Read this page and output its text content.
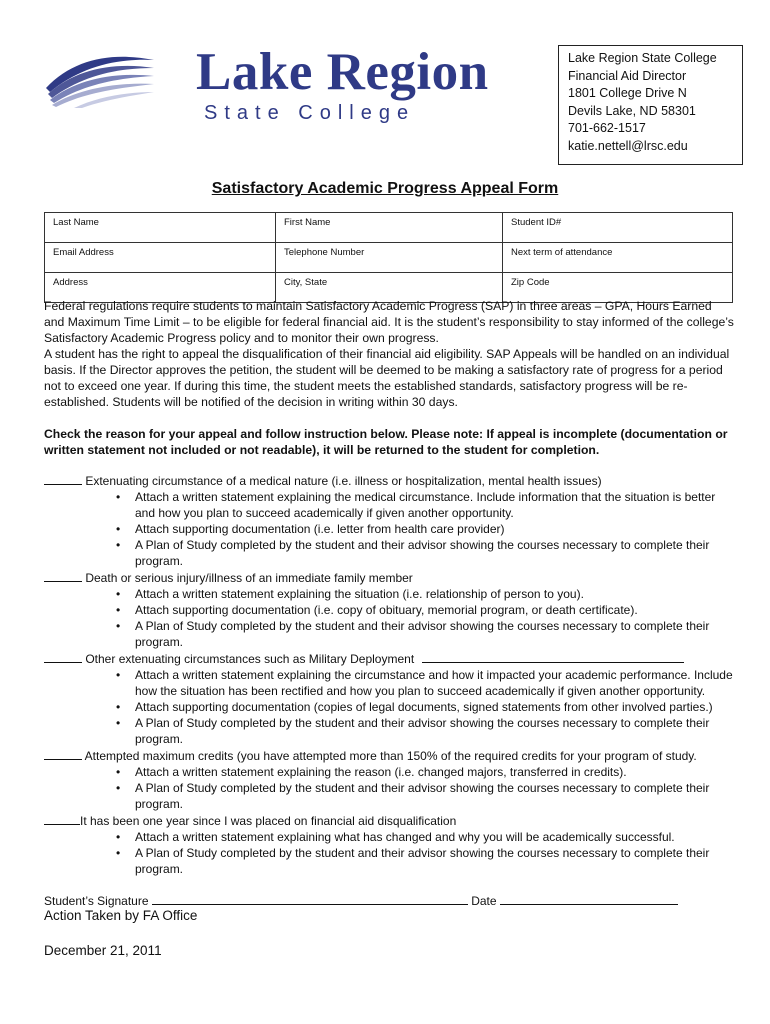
Lake Region
State College
Lake Region State College
Financial Aid Director
1801 College Drive N
Devils Lake, ND 58301
701-662-1517
katie.nettell@lrsc.edu
Satisfactory Academic Progress Appeal Form
Last Name	First Name	Student ID#
Email Address	Telephone Number	Next term of attendance
Address	City, State	Zip Code
Federal regulations require students to maintain Satisfactory Academic Progress (SAP) in three areas – GPA, Hours Earned and Maximum Time Limit – to be eligible for federal financial aid. It is the student’s responsibility to stay informed of the college’s Satisfactory Academic Progress policy and to monitor their own progress.
A student has the right to appeal the disqualification of their financial aid eligibility. SAP Appeals will be handled on an individual basis. If the Director approves the petition, the student will be deemed to be making a satisfactory rate of progress for a period not to exceed one year. If during this time, the student meets the established standards, satisfactory progress will be re-established. Students will be notified of the decision in writing within 30 days.
Check the reason for your appeal and follow instruction below. Please note: If appeal is incomplete (documentation or written statement not included or not readable), it will be returned to the student for completion.
Extenuating circumstance of a medical nature (i.e. illness or hospitalization, mental health issues)
• Attach a written statement explaining the medical circumstance. Include information that the situation is better and how you plan to succeed academically if given another opportunity.
• Attach supporting documentation (i.e. letter from health care provider)
• A Plan of Study completed by the student and their advisor showing the courses necessary to complete their program.
Death or serious injury/illness of an immediate family member
• Attach a written statement explaining the situation (i.e. relationship of person to you).
• Attach supporting documentation (i.e. copy of obituary, memorial program, or death certificate).
• A Plan of Study completed by the student and their advisor showing the courses necessary to complete their program.
Other extenuating circumstances such as Military Deployment
• Attach a written statement explaining the circumstance and how it impacted your academic performance. Include how the situation has been rectified and how you plan to succeed academically if given another opportunity.
• Attach supporting documentation (copies of legal documents, signed statements from other involved parties.)
• A Plan of Study completed by the student and their advisor showing the courses necessary to complete their program.
Attempted maximum credits (you have attempted more than 150% of the required credits for your program of study.
• Attach a written statement explaining the reason (i.e. changed majors, transferred in credits).
• A Plan of Study completed by the student and their advisor showing the courses necessary to complete their program.
It has been one year since I was placed on financial aid disqualification
• Attach a written statement explaining what has changed and why you will be academically successful.
• A Plan of Study completed by the student and their advisor showing the courses necessary to complete their program.
Student’s Signature	Date
Action Taken by FA Office
December 21, 2011
